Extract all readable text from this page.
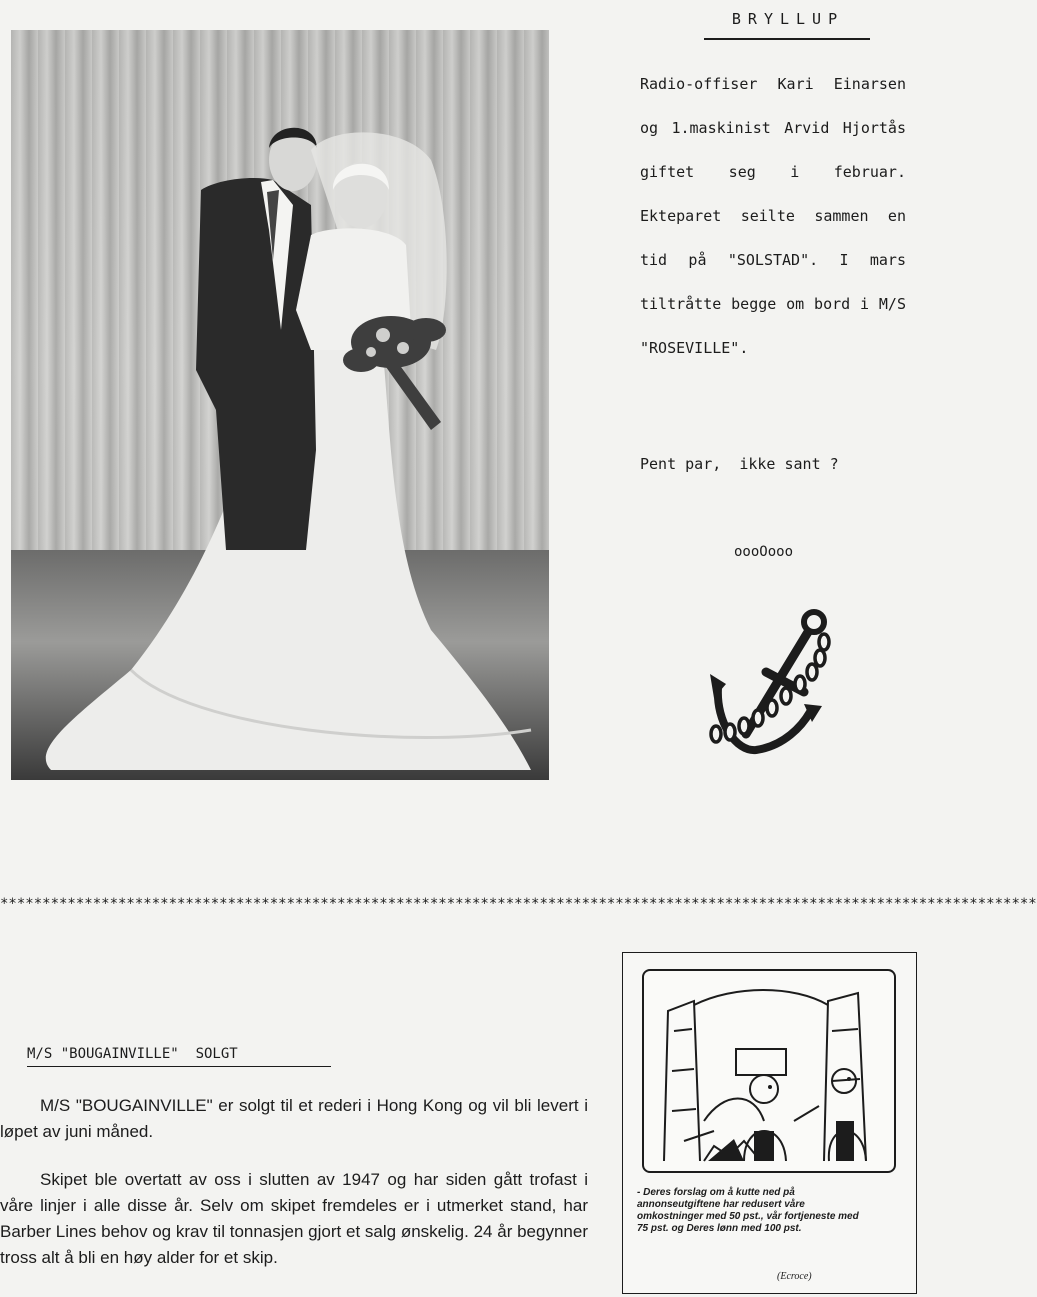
BRYLLUP

Radio-offiser Kari Einarsen og 1.maskinist Arvid Hjortås giftet seg i februar. Ekteparet seilte sammen en tid på "SOLSTAD". I mars tiltråtte begge om bord i M/S "ROSEVILLE".

Pent par,  ikke sant ?
oooOooo
***************************************************************************************************************************
M/S "BOUGAINVILLE"  SOLGT

M/S "BOUGAINVILLE" er solgt til et rederi i Hong Kong og vil bli levert i løpet av juni måned.

Skipet ble overtatt av oss i slutten av 1947 og har siden gått trofast i våre linjer i alle disse år. Selv om skipet fremdeles er i utmerket stand, har Barber Lines behov og krav til tonnasjen gjort et salg ønskelig. 24 år begynner tross alt å bli en høy alder for et skip.

- Deres forslag om å kutte ned på annonseutgiftene har redusert våre omkostninger med 50 pst., vår fortjeneste med 75 pst. og Deres lønn med 100 pst.
(Ecroce)
